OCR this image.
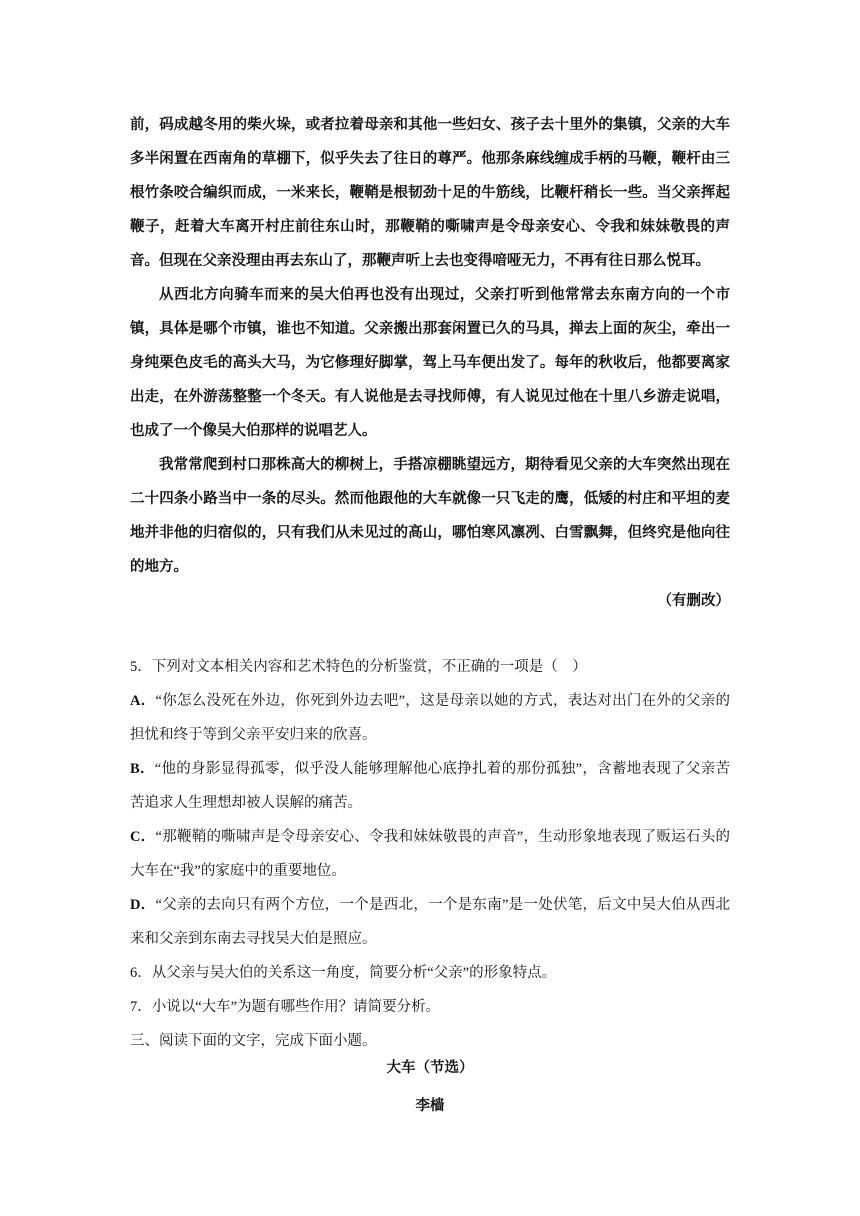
前，码成越冬用的柴火垛，或者拉着母亲和其他一些妇女、孩子去十里外的集镇，父亲的大车多半闲置在西南角的草棚下，似乎失去了往日的尊严。他那条麻线缠成手柄的马鞭，鞭杆由三根竹条咬合编织而成，一米来长，鞭鞘是根韧劲十足的牛筋线，比鞭杆稍长一些。当父亲挥起鞭子，赶着大车离开村庄前往东山时，那鞭鞘的嘶啸声是令母亲安心、令我和妹妹敬畏的声音。但现在父亲没理由再去东山了，那鞭声听上去也变得喑哑无力，不再有往日那么悦耳。

从西北方向骑车而来的吴大伯再也没有出现过，父亲打听到他常常去东南方向的一个市镇，具体是哪个市镇，谁也不知道。父亲搬出那套闲置已久的马具，掸去上面的灰尘，牵出一身纯栗色皮毛的高头大马，为它修理好脚掌，驾上马车便出发了。每年的秋收后，他都要离家出走，在外游荡整整一个冬天。有人说他是去寻找师傅，有人说见过他在十里八乡游走说唱，也成了一个像吴大伯那样的说唱艺人。

我常常爬到村口那株高大的柳树上，手搭凉棚眺望远方，期待看见父亲的大车突然出现在二十四条小路当中一条的尽头。然而他跟他的大车就像一只飞走的鹰，低矮的村庄和平坦的麦地并非他的归宿似的，只有我们从未见过的高山，哪怕寒风凛冽、白雪飘舞，但终究是他向往的地方。

（有删改）

5．下列对文本相关内容和艺术特色的分析鉴赏，不正确的一项是（　）

A．“你怎么没死在外边，你死到外边去吧”，这是母亲以她的方式，表达对出门在外的父亲的担忧和终于等到父亲平安归来的欣喜。

B．“他的身影显得孤零，似乎没人能够理解他心底挣扎着的那份孤独”，含蓄地表现了父亲苦苦追求人生理想却被人误解的痛苦。

C．“那鞭鞘的嘶啸声是令母亲安心、令我和妹妹敬畏的声音”，生动形象地表现了贩运石头的大车在“我”的家庭中的重要地位。

D．“父亲的去向只有两个方位，一个是西北，一个是东南”是一处伏笔，后文中吴大伯从西北来和父亲到东南去寻找吴大伯是照应。

6．从父亲与吴大伯的关系这一角度，简要分析“父亲”的形象特点。

7．小说以“大车”为题有哪些作用？请简要分析。

三、阅读下面的文字，完成下面小题。

大车（节选）
李樯
